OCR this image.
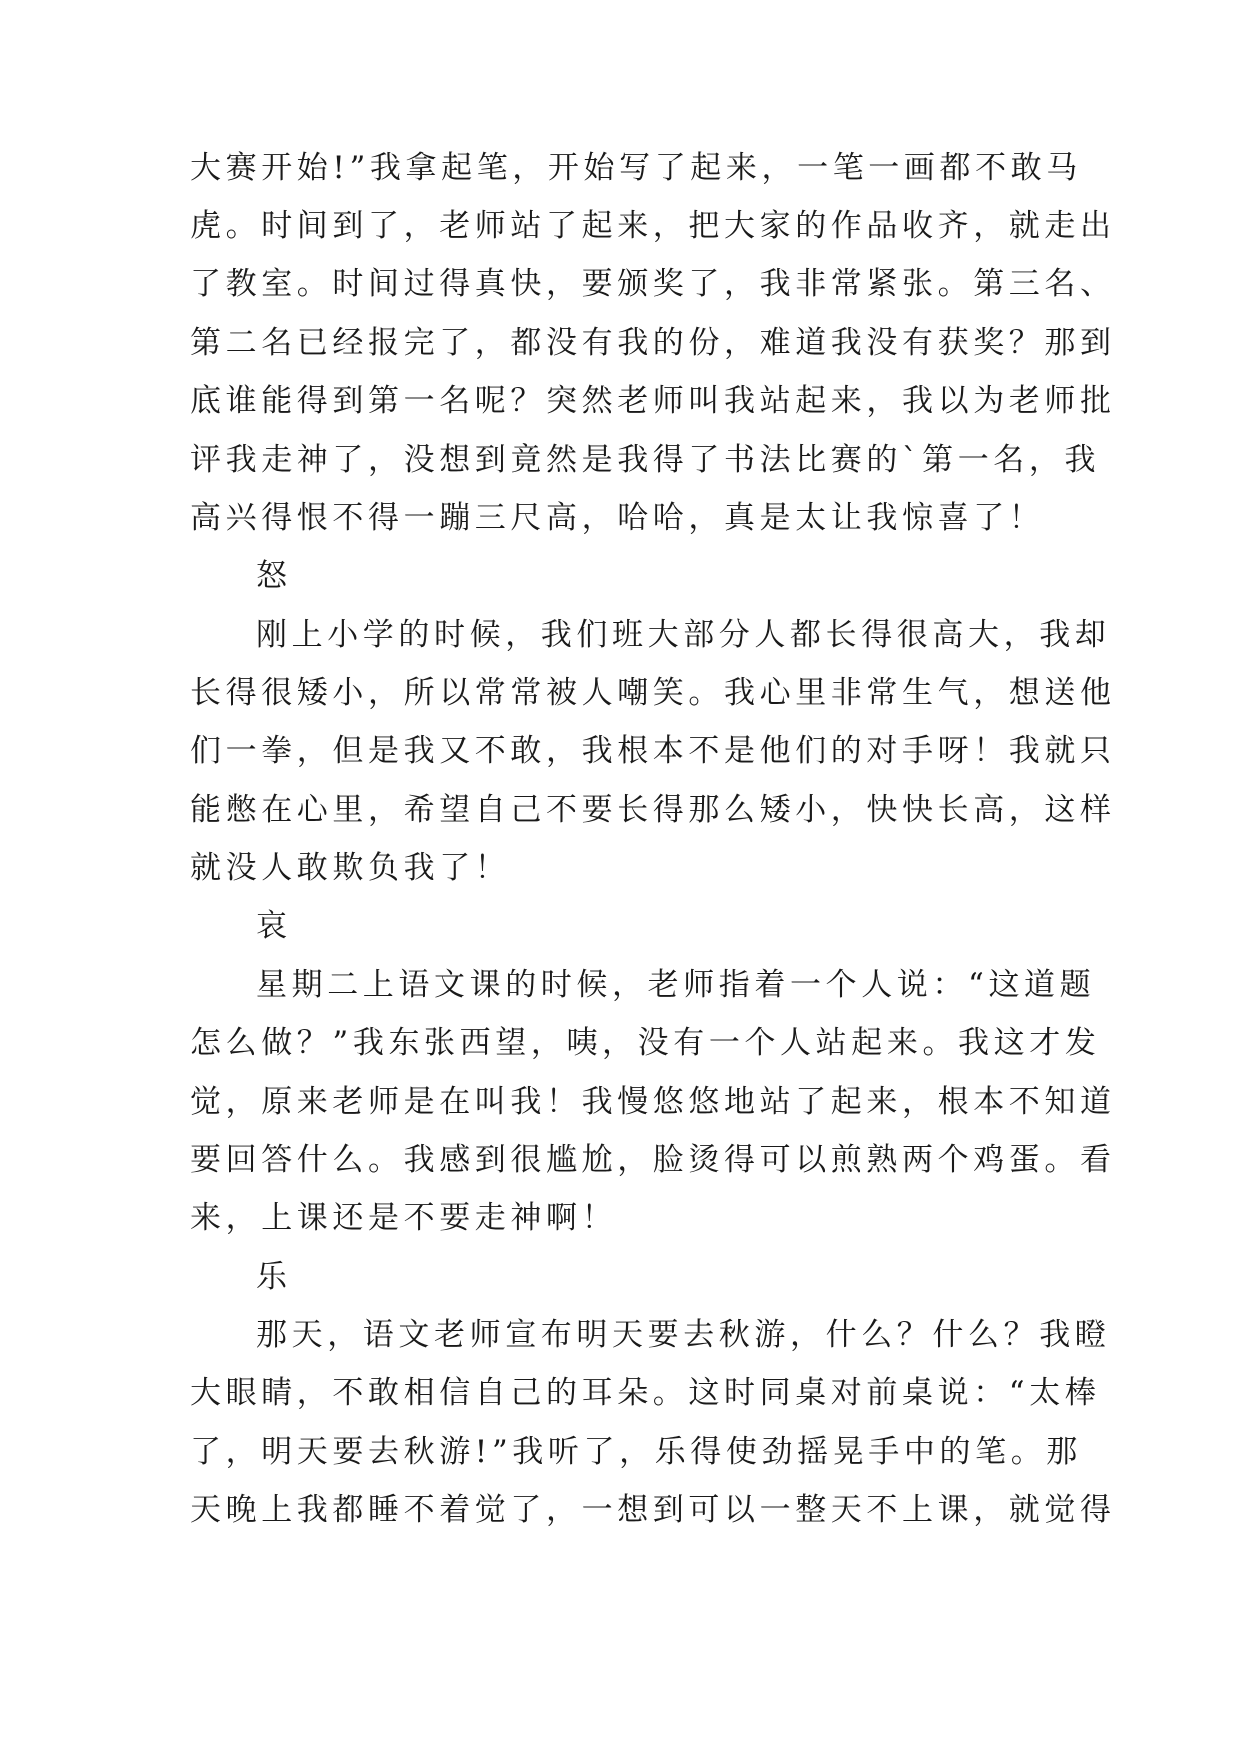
大赛开始!”我拿起笔，开始写了起来，一笔一画都不敢马
虎。时间到了，老师站了起来，把大家的作品收齐，就走出
了教室。时间过得真快，要颁奖了，我非常紧张。第三名、
第二名已经报完了，都没有我的份，难道我没有获奖？那到
底谁能得到第一名呢？突然老师叫我站起来，我以为老师批
评我走神了，没想到竟然是我得了书法比赛的`第一名，我
高兴得恨不得一蹦三尺高，哈哈，真是太让我惊喜了！
怒
刚上小学的时候，我们班大部分人都长得很高大，我却
长得很矮小，所以常常被人嘲笑。我心里非常生气，想送他
们一拳，但是我又不敢，我根本不是他们的对手呀！我就只
能憋在心里，希望自己不要长得那么矮小，快快长高，这样
就没人敢欺负我了！
哀
星期二上语文课的时候，老师指着一个人说：“这道题
怎么做？”我东张西望，咦，没有一个人站起来。我这才发
觉，原来老师是在叫我！我慢悠悠地站了起来，根本不知道
要回答什么。我感到很尴尬，脸烫得可以煎熟两个鸡蛋。看
来，上课还是不要走神啊！
乐
那天，语文老师宣布明天要去秋游，什么？什么？我瞪
大眼睛，不敢相信自己的耳朵。这时同桌对前桌说：“太棒
了，明天要去秋游!”我听了，乐得使劲摇晃手中的笔。那
天晚上我都睡不着觉了，一想到可以一整天不上课，就觉得
